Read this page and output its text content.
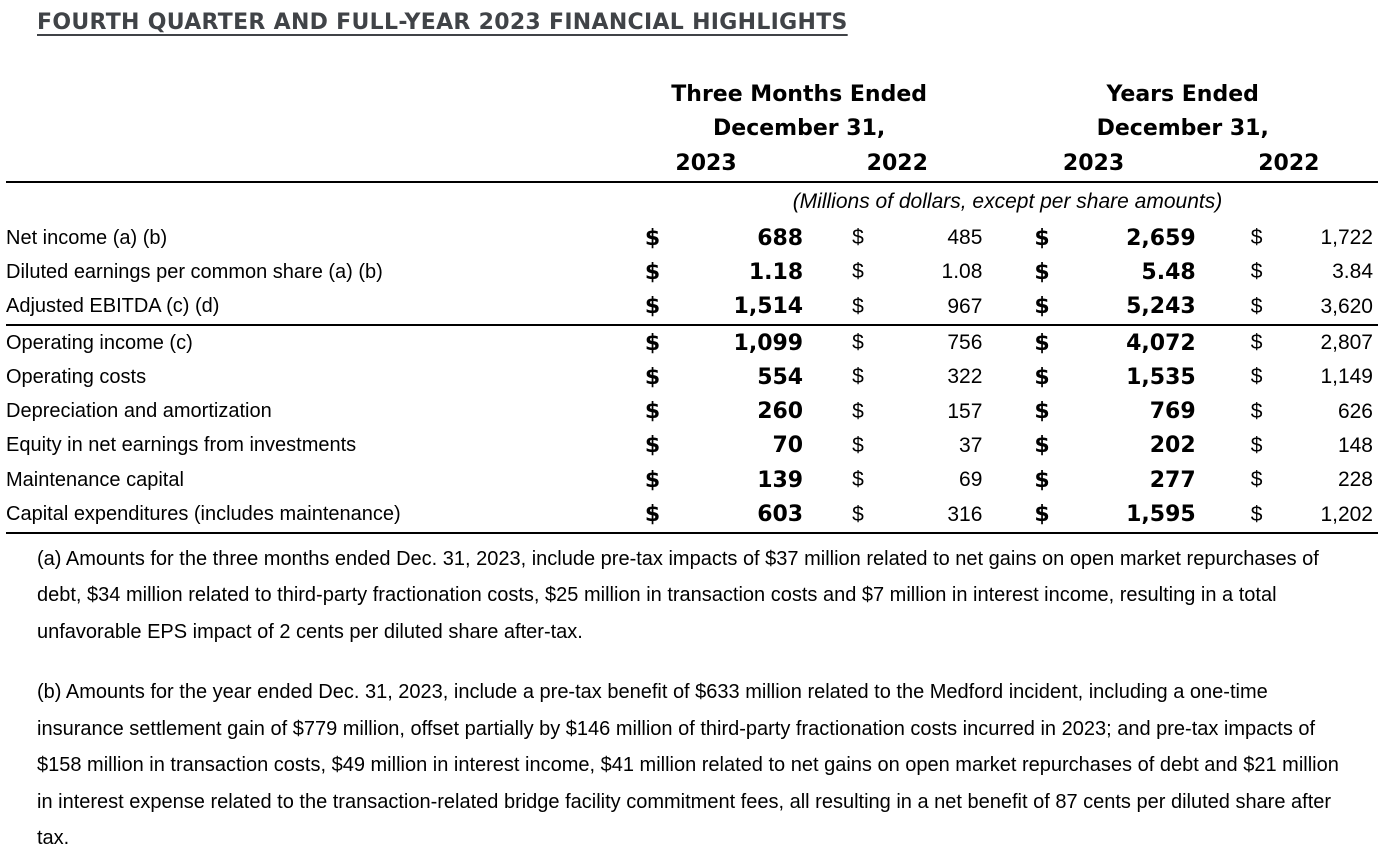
FOURTH QUARTER AND FULL-YEAR 2023 FINANCIAL HIGHLIGHTS
	Three Months Ended				Years Ended			
	December 31,				December 31,			
	2023		2022		2023		2022	
	(Millions of dollars, except per share amounts)							
Net income (a) (b)	$	688	$	485	$	2,659	$	1,722
Diluted earnings per common share (a) (b)	$	1.18	$	1.08	$	5.48	$	3.84
Adjusted EBITDA (c) (d)	$	1,514	$	967	$	5,243	$	3,620
Operating income (c)	$	1,099	$	756	$	4,072	$	2,807
Operating costs	$	554	$	322	$	1,535	$	1,149
Depreciation and amortization	$	260	$	157	$	769	$	626
Equity in net earnings from investments	$	70	$	37	$	202	$	148
Maintenance capital	$	139	$	69	$	277	$	228
Capital expenditures (includes maintenance)	$	603	$	316	$	1,595	$	1,202

(a) Amounts for the three months ended Dec. 31, 2023, include pre-tax impacts of $37 million related to net gains on open market repurchases of debt, $34 million related to third-party fractionation costs, $25 million in transaction costs and $7 million in interest income, resulting in a total unfavorable EPS impact of 2 cents per diluted share after-tax.

(b) Amounts for the year ended Dec. 31, 2023, include a pre-tax benefit of $633 million related to the Medford incident, including a one-time insurance settlement gain of $779 million, offset partially by $146 million of third-party fractionation costs incurred in 2023; and pre-tax impacts of $158 million in transaction costs, $49 million in interest income, $41 million related to net gains on open market repurchases of debt and $21 million in interest expense related to the transaction-related bridge facility commitment fees, all resulting in a net benefit of 87 cents per diluted share after tax.
